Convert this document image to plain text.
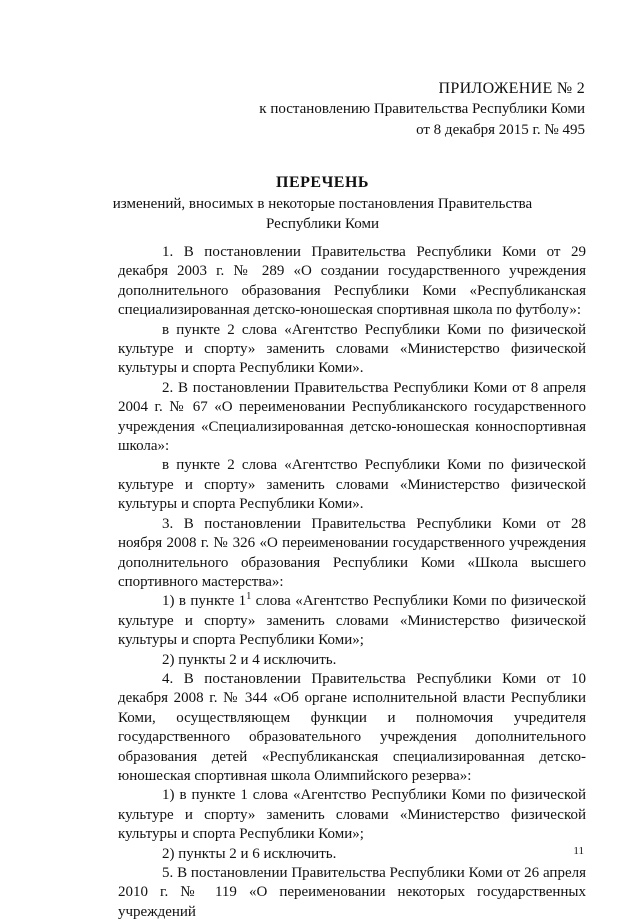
ПРИЛОЖЕНИЕ № 2
к постановлению Правительства Республики Коми
от 8 декабря 2015 г. № 495
ПЕРЕЧЕНЬ
изменений, вносимых в некоторые постановления Правительства
Республики Коми

1. В постановлении Правительства Республики Коми от 29 декабря 2003 г. № 289 «О создании государственного учреждения дополнительного образования Республики Коми «Республиканская специализированная детско-юношеская спортивная школа по футболу»:

в пункте 2 слова «Агентство Республики Коми по физической культуре и спорту» заменить словами «Министерство физической культуры и спорта Республики Коми».

2. В постановлении Правительства Республики Коми от 8 апреля 2004 г. № 67 «О переименовании Республиканского государственного учреждения «Специализированная детско-юношеская конноспортивная школа»:

в пункте 2 слова «Агентство Республики Коми по физической культуре и спорту» заменить словами «Министерство физической культуры и спорта Республики Коми».

3. В постановлении Правительства Республики Коми от 28 ноября 2008 г. № 326 «О переименовании государственного учреждения дополнительного образования Республики Коми «Школа высшего спортивного мастерства»:

1) в пункте $1^1$ слова «Агентство Республики Коми по физической культуре и спорту» заменить словами «Министерство физической культуры и спорта Республики Коми»;

2) пункты 2 и 4 исключить.

4. В постановлении Правительства Республики Коми от 10 декабря 2008 г. № 344 «Об органе исполнительной власти Республики Коми, осуществляющем функции и полномочия учредителя государственного образовательного учреждения дополнительного образования детей «Республиканская специализированная детско-юношеская спортивная школа Олимпийского резерва»:

1) в пункте 1 слова «Агентство Республики Коми по физической культуре и спорту» заменить словами «Министерство физической культуры и спорта Республики Коми»;

2) пункты 2 и 6 исключить.

5. В постановлении Правительства Республики Коми от 26 апреля 2010 г. № 119 «О переименовании некоторых государственных учреждений

11
